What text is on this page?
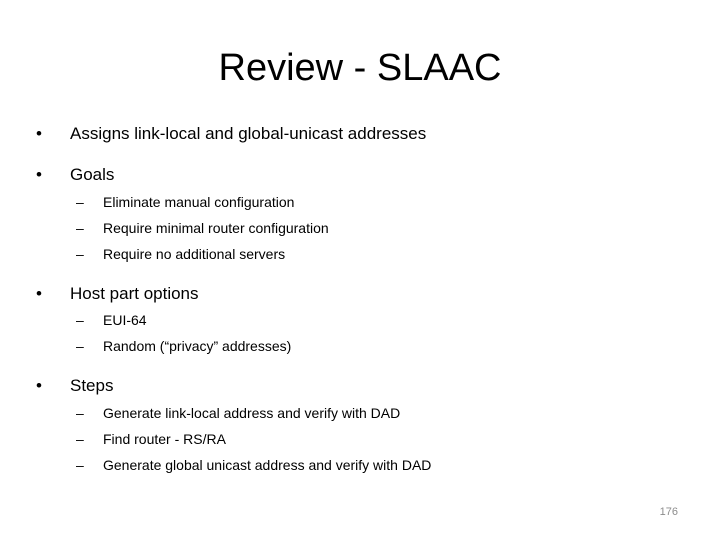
Review - SLAAC
•	Assigns link-local and global-unicast addresses
•	Goals
– Eliminate manual configuration
– Require minimal router configuration
– Require no additional servers
•	Host part options
– EUI-64
– Random (“privacy” addresses)
•	Steps
– Generate link-local address and verify with DAD
– Find router - RS/RA
– Generate global unicast address and verify with DAD
176
